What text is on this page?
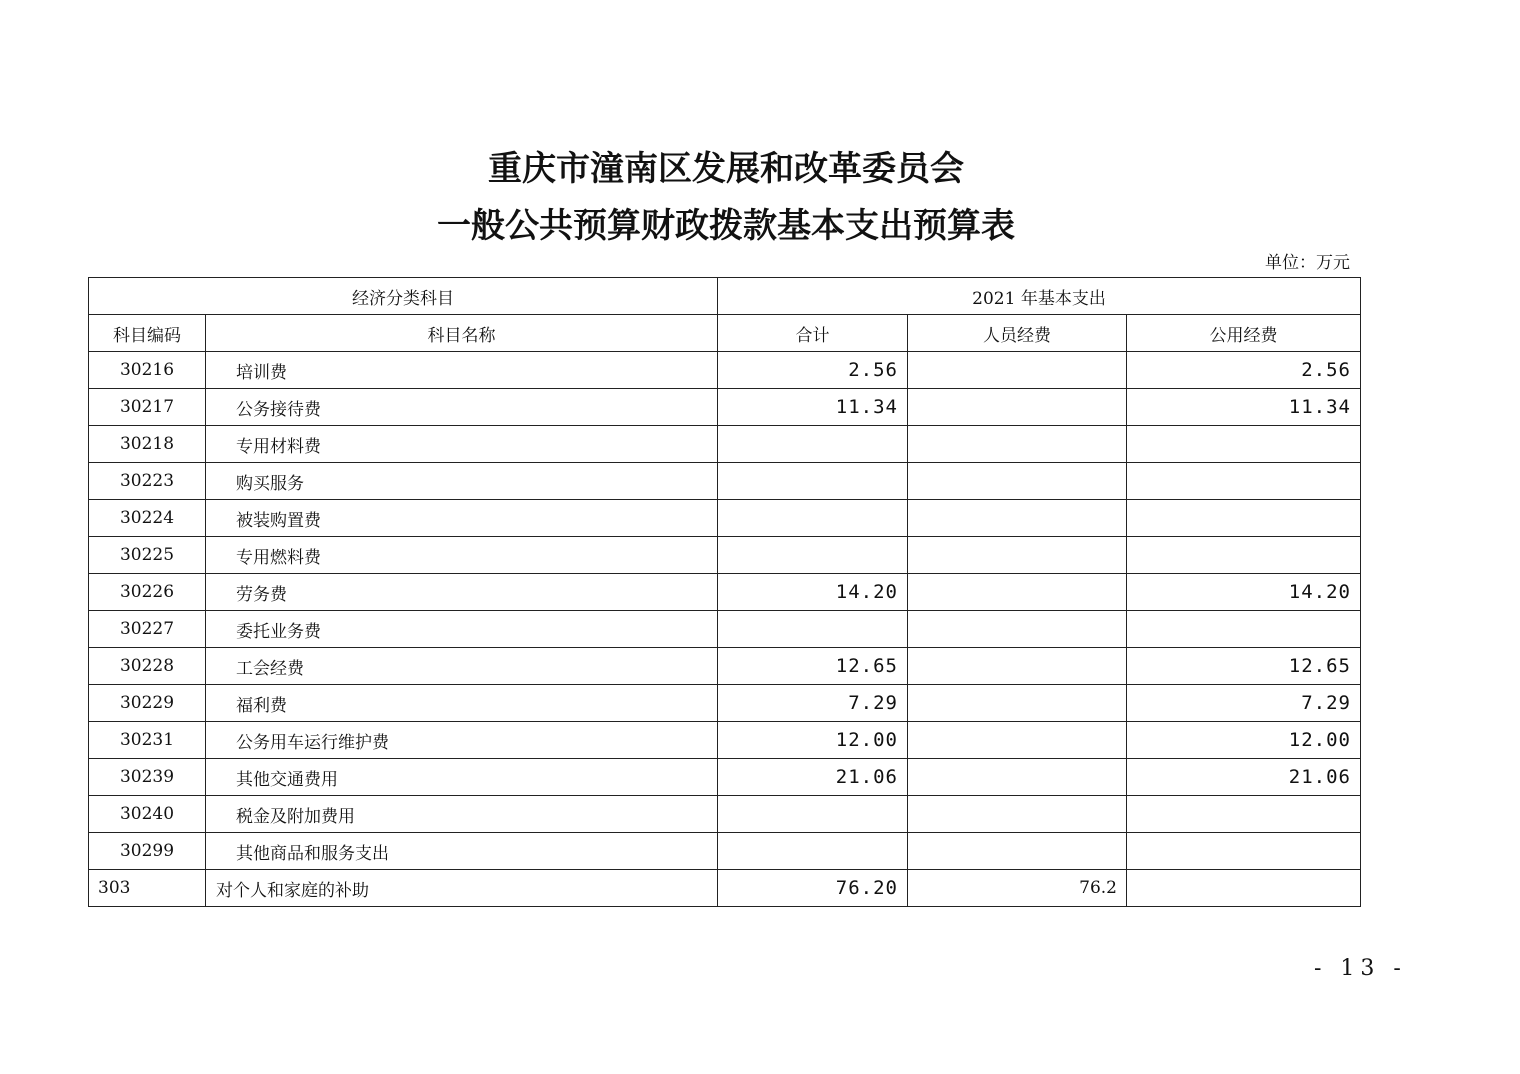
重庆市潼南区发展和改革委员会
一般公共预算财政拨款基本支出预算表
单位：万元
经济分类科目		2021 年基本支出		
科目编码	科目名称	合计	人员经费	公用经费
30216	培训费	2.56		2.56
30217	公务接待费	11.34		11.34
30218	专用材料费			
30223	购买服务			
30224	被装购置费			
30225	专用燃料费			
30226	劳务费	14.20		14.20
30227	委托业务费			
30228	工会经费	12.65		12.65
30229	福利费	7.29		7.29
30231	公务用车运行维护费	12.00		12.00
30239	其他交通费用	21.06		21.06
30240	税金及附加费用			
30299	其他商品和服务支出			
303	对个人和家庭的补助	76.20	76.2	
- 13 -
